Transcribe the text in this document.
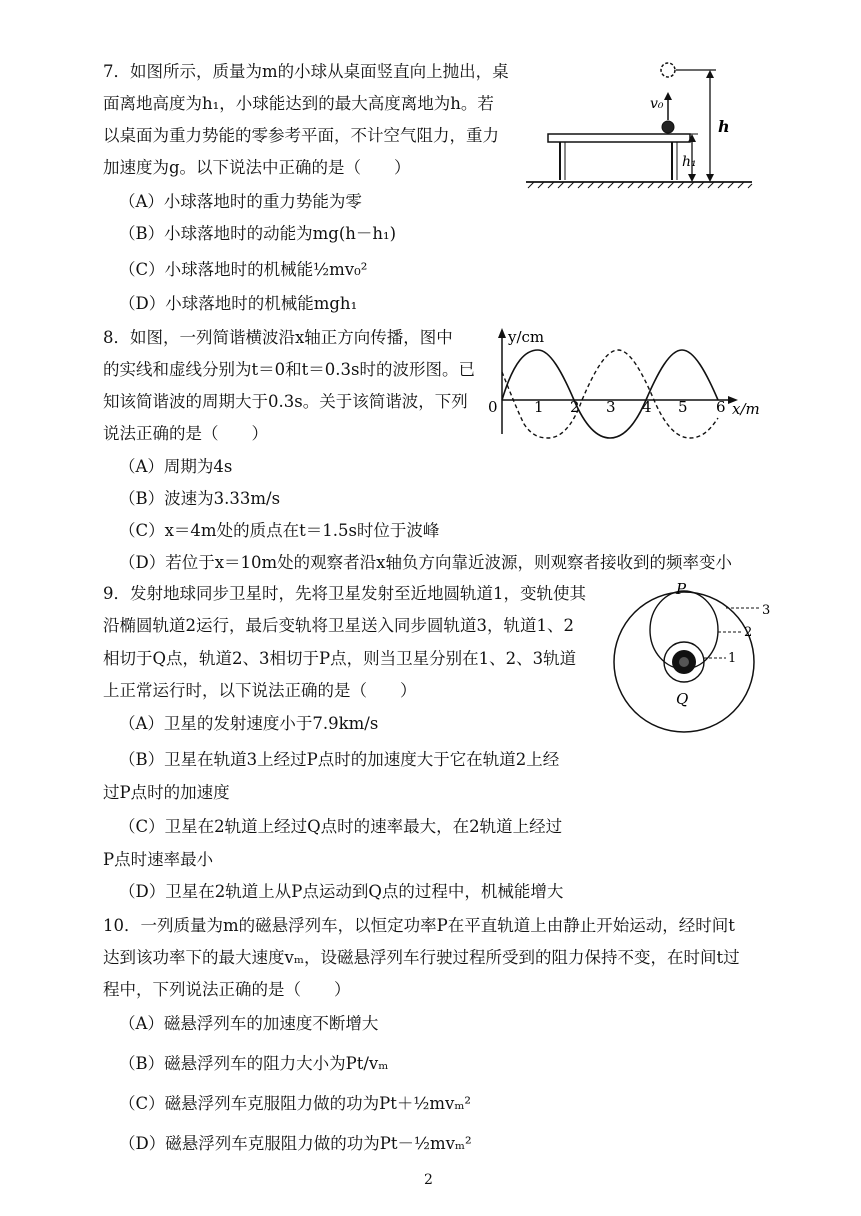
7．如图所示，质量为m的小球从桌面竖直向上抛出，桌
面离地高度为h₁，小球能达到的最大高度离地为h。若
以桌面为重力势能的零参考平面，不计空气阻力，重力
加速度为g。以下说法中正确的是（　　）
（A）小球落地时的重力势能为零
（B）小球落地时的动能为mg(h－h₁)
（C）小球落地时的机械能½mv₀²
（D）小球落地时的机械能mgh₁
v₀
h
h₁
8．如图，一列简谐横波沿x轴正方向传播，图中
的实线和虚线分别为t＝0和t＝0.3s时的波形图。已
知该简谐波的周期大于0.3s。关于该简谐波，下列
说法正确的是（　　）
（A）周期为4s
（B）波速为3.33m/s
（C）x＝4m处的质点在t＝1.5s时位于波峰
（D）若位于x＝10m处的观察者沿x轴负方向靠近波源，则观察者接收到的频率变小
y/cm
x/m
0 1 2 3 4 5 6
9．发射地球同步卫星时，先将卫星发射至近地圆轨道1，变轨使其
沿椭圆轨道2运行，最后变轨将卫星送入同步圆轨道3，轨道1、2
相切于Q点，轨道2、3相切于P点，则当卫星分别在1、2、3轨道
上正常运行时，以下说法正确的是（　　）
（A）卫星的发射速度小于7.9km/s
（B）卫星在轨道3上经过P点时的加速度大于它在轨道2上经
过P点时的加速度
（C）卫星在2轨道上经过Q点时的速率最大，在2轨道上经过
P点时速率最小
（D）卫星在2轨道上从P点运动到Q点的过程中，机械能增大
P
Q
3
2
1
10．一列质量为m的磁悬浮列车，以恒定功率P在平直轨道上由静止开始运动，经时间t
达到该功率下的最大速度vₘ，设磁悬浮列车行驶过程所受到的阻力保持不变，在时间t过
程中，下列说法正确的是（　　）
（A）磁悬浮列车的加速度不断增大
（B）磁悬浮列车的阻力大小为Pt/vₘ
（C）磁悬浮列车克服阻力做的功为Pt＋½mvₘ²
（D）磁悬浮列车克服阻力做的功为Pt－½mvₘ²
2
